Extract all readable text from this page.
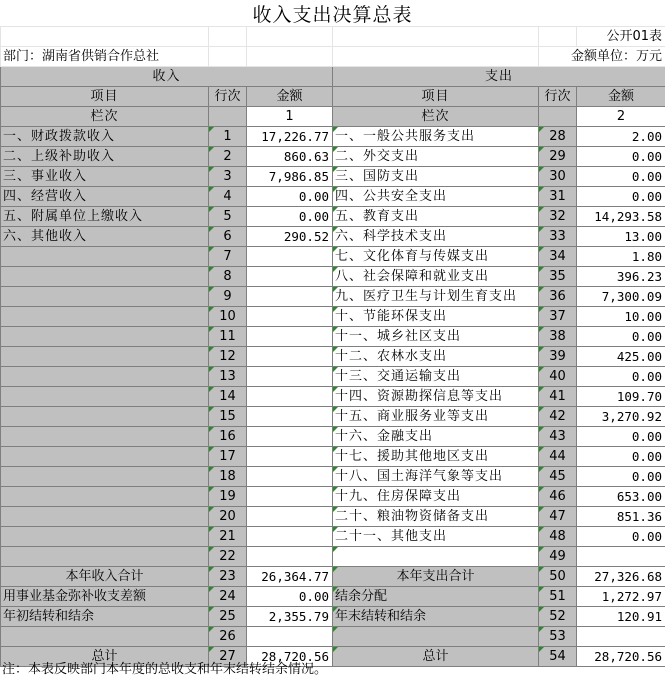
收入支出决算总表
					公开01表
部门：湖南省供销合作总社				金额单位：万元	
收入			支出		
项目	行次	金额	项目	行次	金额
栏次		1	栏次		2
一、财政拨款收入	1	17,226.77	一、一般公共服务支出	28	2.00
二、上级补助收入	2	860.63	二、外交支出	29	0.00
三、事业收入	3	7,986.85	三、国防支出	30	0.00
四、经营收入	4	0.00	四、公共安全支出	31	0.00
五、附属单位上缴收入	5	0.00	五、教育支出	32	14,293.58
六、其他收入	6	290.52	六、科学技术支出	33	13.00
	7		七、文化体育与传媒支出	34	1.80
	8		八、社会保障和就业支出	35	396.23
	9		九、医疗卫生与计划生育支出	36	7,300.09
	10		十、节能环保支出	37	10.00
	11		十一、城乡社区支出	38	0.00
	12		十二、农林水支出	39	425.00
	13		十三、交通运输支出	40	0.00
	14		十四、资源勘探信息等支出	41	109.70
	15		十五、商业服务业等支出	42	3,270.92
	16		十六、金融支出	43	0.00
	17		十七、援助其他地区支出	44	0.00
	18		十八、国土海洋气象等支出	45	0.00
	19		十九、住房保障支出	46	653.00
	20		二十、粮油物资储备支出	47	851.36
	21		二十一、其他支出	48	0.00
	22			49	
本年收入合计	23	26,364.77	本年支出合计	50	27,326.68
用事业基金弥补收支差额	24	0.00	结余分配	51	1,272.97
年初结转和结余	25	2,355.79	年末结转和结余	52	120.91
	26			53	
总计	27	28,720.56	总计	54	28,720.56
注：本表反映部门本年度的总收支和年末结转结余情况。
